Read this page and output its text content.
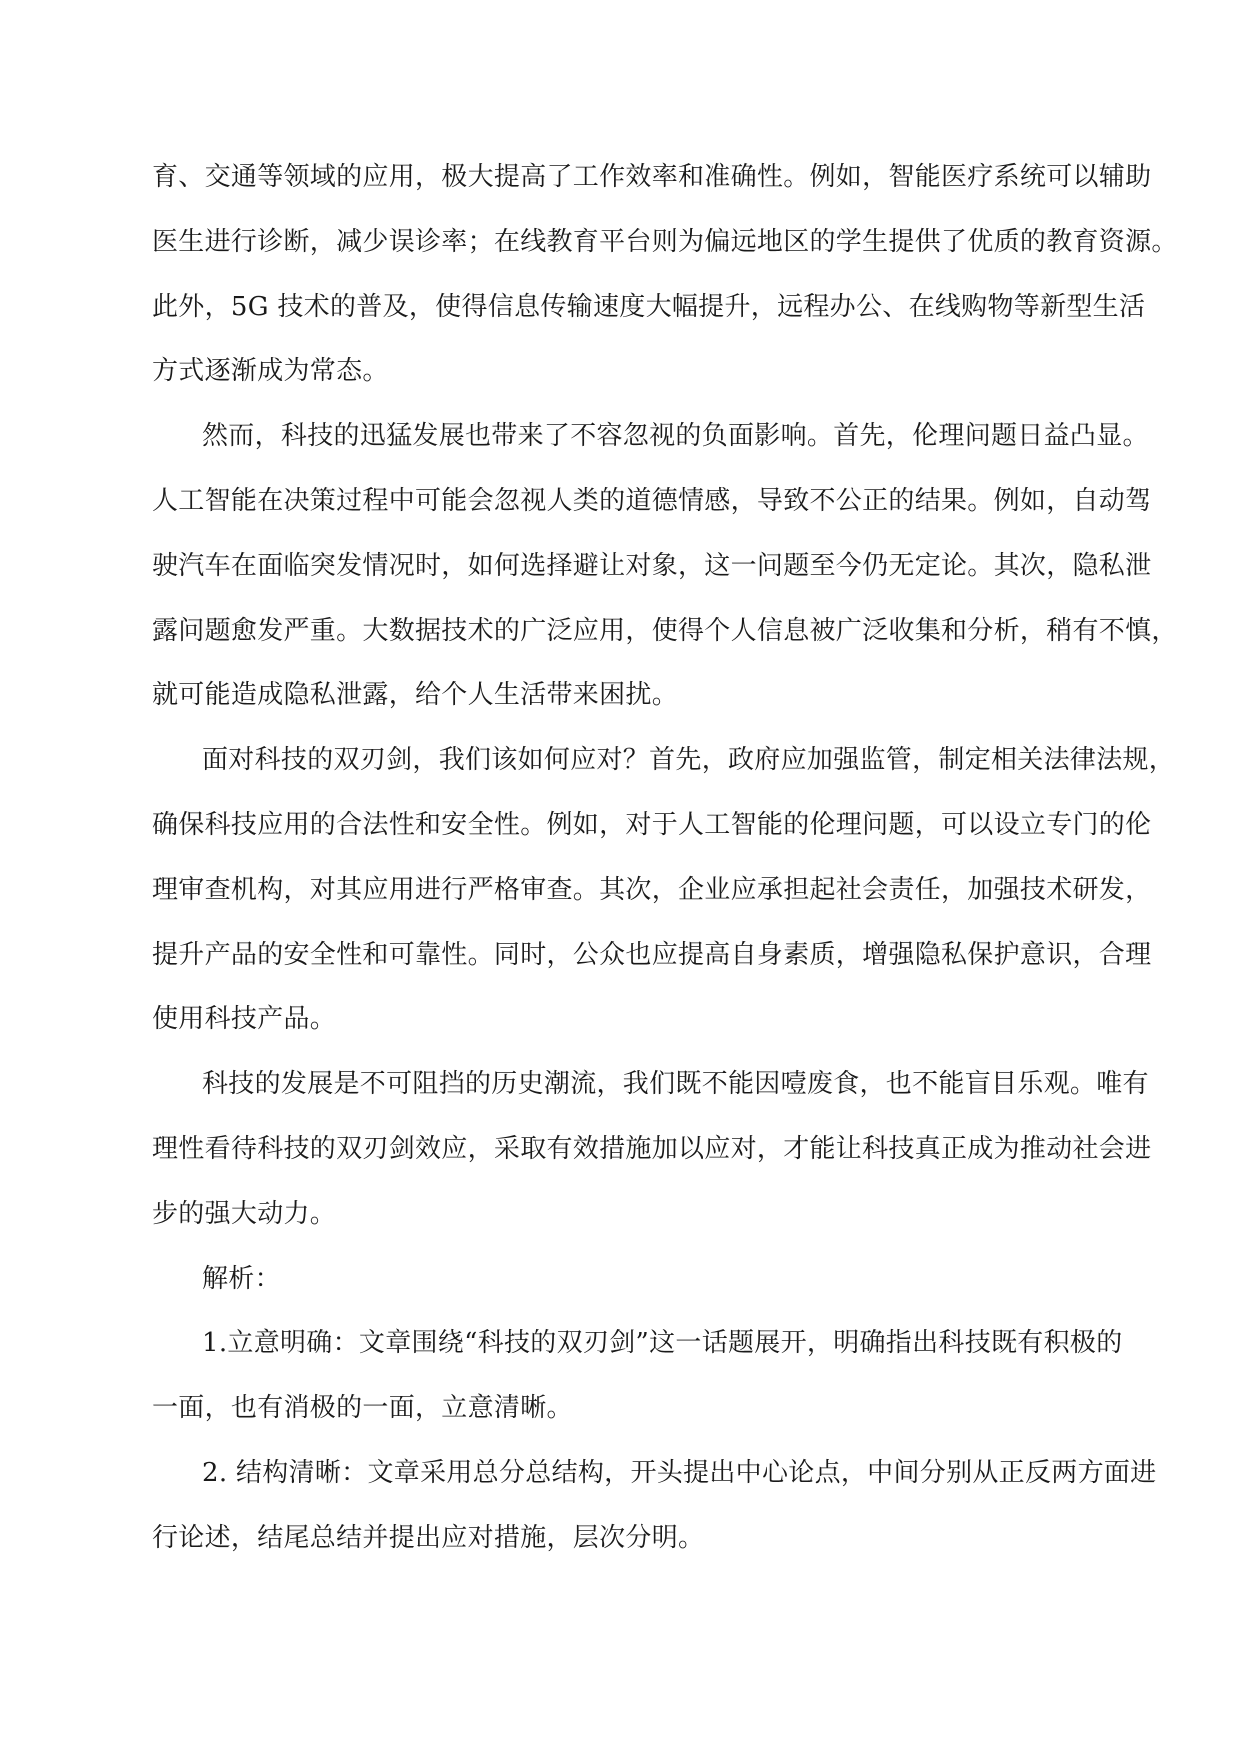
育、交通等领域的应用，极大提高了工作效率和准确性。例如，智能医疗系统可以辅助
医生进行诊断，减少误诊率；在线教育平台则为偏远地区的学生提供了优质的教育资源。
此外，5G 技术的普及，使得信息传输速度大幅提升，远程办公、在线购物等新型生活
方式逐渐成为常态。
然而，科技的迅猛发展也带来了不容忽视的负面影响。首先，伦理问题日益凸显。
人工智能在决策过程中可能会忽视人类的道德情感，导致不公正的结果。例如，自动驾
驶汽车在面临突发情况时，如何选择避让对象，这一问题至今仍无定论。其次，隐私泄
露问题愈发严重。大数据技术的广泛应用，使得个人信息被广泛收集和分析，稍有不慎，
就可能造成隐私泄露，给个人生活带来困扰。
面对科技的双刃剑，我们该如何应对？首先，政府应加强监管，制定相关法律法规，
确保科技应用的合法性和安全性。例如，对于人工智能的伦理问题，可以设立专门的伦
理审查机构，对其应用进行严格审查。其次，企业应承担起社会责任，加强技术研发，
提升产品的安全性和可靠性。同时，公众也应提高自身素质，增强隐私保护意识，合理
使用科技产品。
科技的发展是不可阻挡的历史潮流，我们既不能因噎废食，也不能盲目乐观。唯有
理性看待科技的双刃剑效应，采取有效措施加以应对，才能让科技真正成为推动社会进
步的强大动力。
解析：
1.立意明确：文章围绕“科技的双刃剑”这一话题展开，明确指出科技既有积极的
一面，也有消极的一面，立意清晰。
2. 结构清晰：文章采用总分总结构，开头提出中心论点，中间分别从正反两方面进
行论述，结尾总结并提出应对措施，层次分明。
